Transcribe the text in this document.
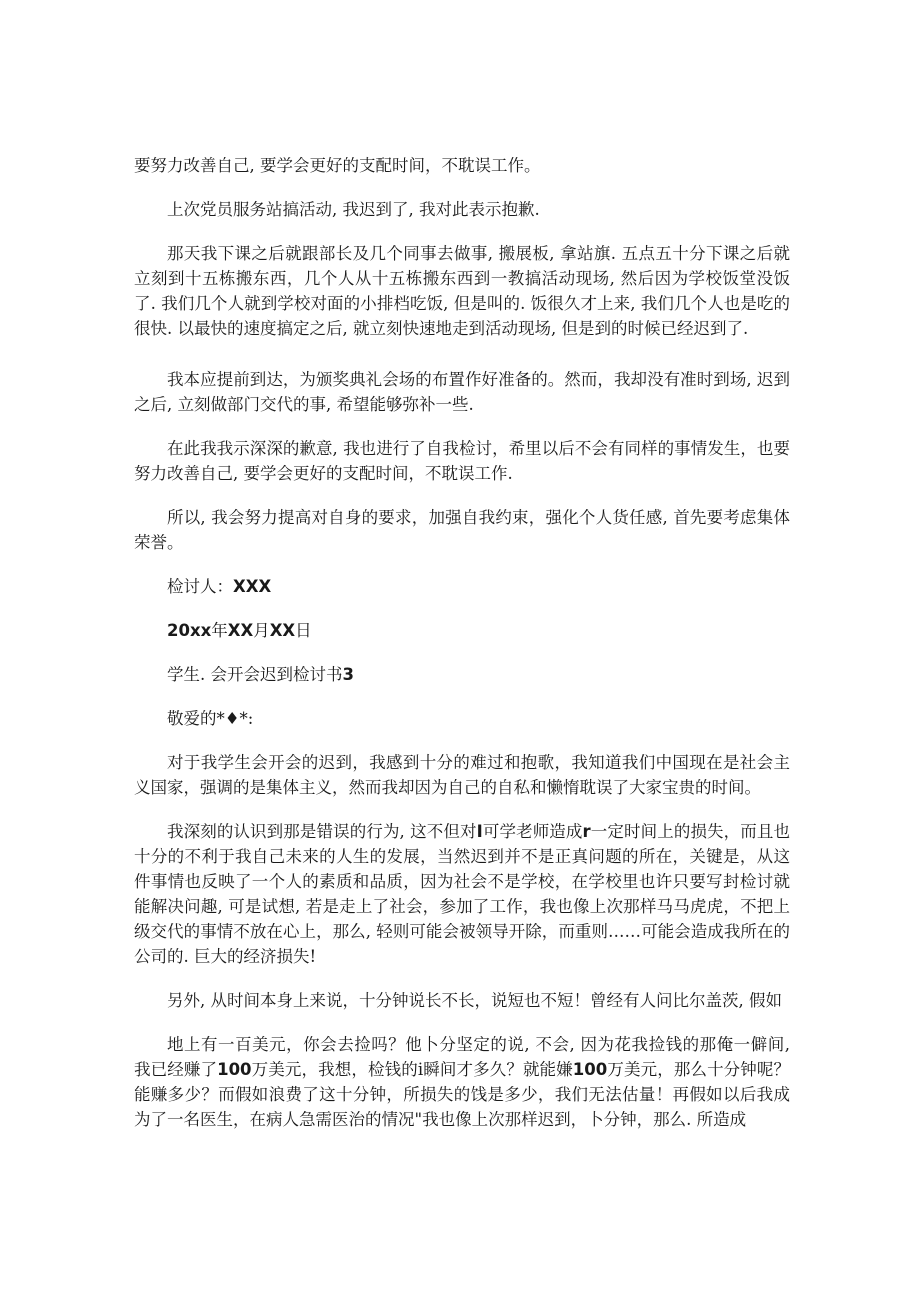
要努力改善自己, 要学会更好的支配时间，不耽误工作。

上次党员服务站搞活动, 我迟到了, 我对此表示抱歉.

那天我下课之后就跟部长及几个同事去做事, 搬展板, 拿站旗. 五点五十分下课之后就立刻到十五栋搬东西，几个人从十五栋搬东西到一教搞活动现场, 然后因为学校饭堂没饭了. 我们几个人就到学校对面的小排档吃饭, 但是叫的. 饭很久才上来, 我们几个人也是吃的很快. 以最快的速度搞定之后, 就立刻快速地走到活动现场, 但是到的时候已经迟到了.

我本应提前到达，为颁奖典礼会场的布置作好准备的。然而，我却没有准时到场, 迟到之后, 立刻做部门交代的事, 希望能够弥补一些.

在此我我示深深的歉意, 我也进行了自我检讨，希里以后不会有同样的事情发生，也要努力改善自己, 要学会更好的支配时间，不耽误工作.

所以, 我会努力提高对自身的要求，加强自我约束，强化个人货任感, 首先要考虑集体荣誉。

检讨人：XXX

20xx年XX月XX日

学生. 会开会迟到检讨书3

敬爱的*♦*:

对于我学生会开会的迟到，我感到十分的难过和抱歌，我知道我们中国现在是社会主义国家，强调的是集体主义，然而我却因为自己的自私和懒惰耽误了大家宝贵的时间。

我深刻的认识到那是错误的行为, 这不但对I可学老师造成r一定时间上的损失，而且也十分的不利于我自己未来的人生的发展，当然迟到并不是正真问题的所在，关键是，从这件事情也反映了一个人的素质和品质，因为社会不是学校，在学校里也许只要写封检讨就能解决问趣, 可是试想, 若是走上了社会，参加了工作，我也像上次那样马马虎虎，不把上级交代的事情不放在心上，那么, 轻则可能会被领导开除，而重则……可能会造成我所在的公司的. 巨大的经济损失!

另外, 从时间本身上来说，十分钟说长不长，说短也不短！曾经有人问比尔盖茨, 假如

地上有一百美元，你会去捡吗？他卜分坚定的说, 不会, 因为花我捡钱的那俺一僻间, 我已经赚了100万美元，我想，检钱的i瞬间才多久？就能嫌100万美元，那么十分钟呢？能赚多少？而假如浪费了这十分钟，所损失的饯是多少，我们无法估量！再假如以后我成为了一名医生，在病人急需医治的情况"我也像上次那样迟到，卜分钟，那么. 所造成
